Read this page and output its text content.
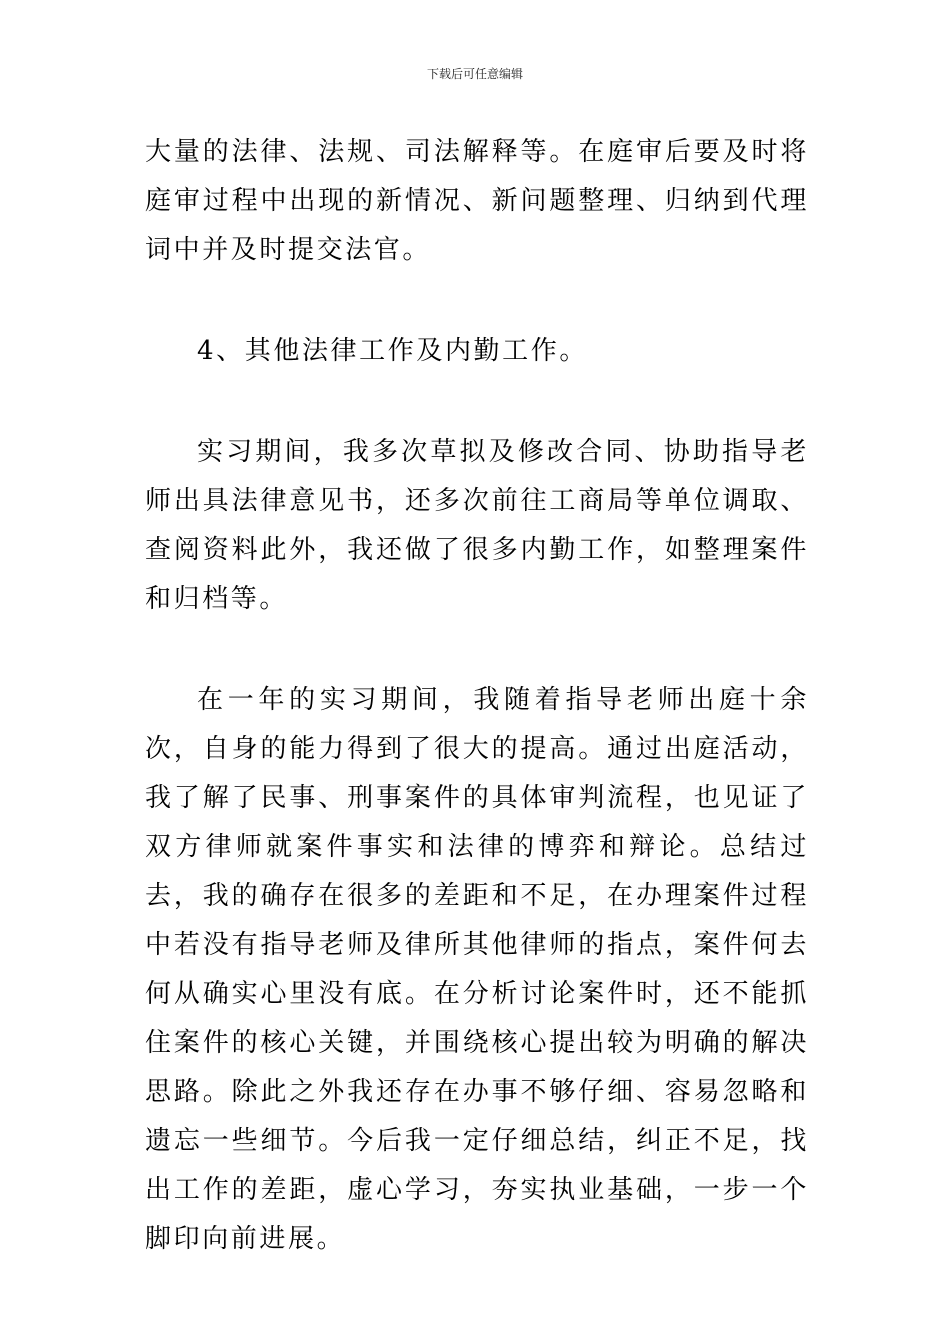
下载后可任意编辑

大量的法律、法规、司法解释等。在庭审后要及时将庭审过程中出现的新情况、新问题整理、归纳到代理词中并及时提交法官。

4、其他法律工作及内勤工作。

实习期间，我多次草拟及修改合同、协助指导老师出具法律意见书，还多次前往工商局等单位调取、查阅资料此外，我还做了很多内勤工作，如整理案件和归档等。

在一年的实习期间，我随着指导老师出庭十余次，自身的能力得到了很大的提高。通过出庭活动，我了解了民事、刑事案件的具体审判流程，也见证了双方律师就案件事实和法律的博弈和辩论。总结过去，我的确存在很多的差距和不足，在办理案件过程中若没有指导老师及律所其他律师的指点，案件何去何从确实心里没有底。在分析讨论案件时，还不能抓住案件的核心关键，并围绕核心提出较为明确的解决思路。除此之外我还存在办事不够仔细、容易忽略和遗忘一些细节。今后我一定仔细总结，纠正不足，找出工作的差距，虚心学习，夯实执业基础，一步一个脚印向前进展。
